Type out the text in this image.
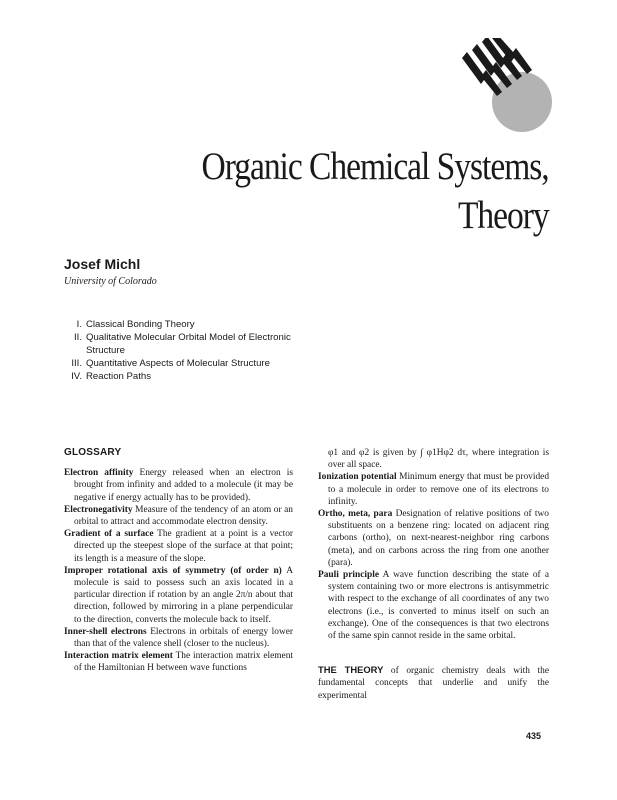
Organic Chemical Systems,
Theory
Josef Michl
University of Colorado
I. Classical Bonding Theory
II. Qualitative Molecular Orbital Model of Electronic Structure
III. Quantitative Aspects of Molecular Structure
IV. Reaction Paths
GLOSSARY

Electron affinity Energy released when an electron is brought from infinity and added to a molecule (it may be negative if energy actually has to be provided).

Electronegativity Measure of the tendency of an atom or an orbital to attract and accommodate electron density.

Gradient of a surface The gradient at a point is a vector directed up the steepest slope of the surface at that point; its length is a measure of the slope.

Improper rotational axis of symmetry (of order n) A molecule is said to possess such an axis located in a particular direction if rotation by an angle 2π/n about that direction, followed by mirroring in a plane perpendicular to the direction, converts the molecule back to itself.

Inner-shell electrons Electrons in orbitals of energy lower than that of the valence shell (closer to the nucleus).

Interaction matrix element The interaction matrix element of the Hamiltonian H between wave functions

φ1 and φ2 is given by ∫ φ1Hφ2 dτ, where integration is over all space.

Ionization potential Minimum energy that must be provided to a molecule in order to remove one of its electrons to infinity.

Ortho, meta, para Designation of relative positions of two substituents on a benzene ring: located on adjacent ring carbons (ortho), on next-nearest-neighbor ring carbons (meta), and on carbons across the ring from one another (para).

Pauli principle A wave function describing the state of a system containing two or more electrons is antisymmetric with respect to the exchange of all coordinates of any two electrons (i.e., is converted to minus itself on such an exchange). One of the consequences is that two electrons of the same spin cannot reside in the same orbital.

THE THEORY of organic chemistry deals with the fundamental concepts that underlie and unify the experimental

435
